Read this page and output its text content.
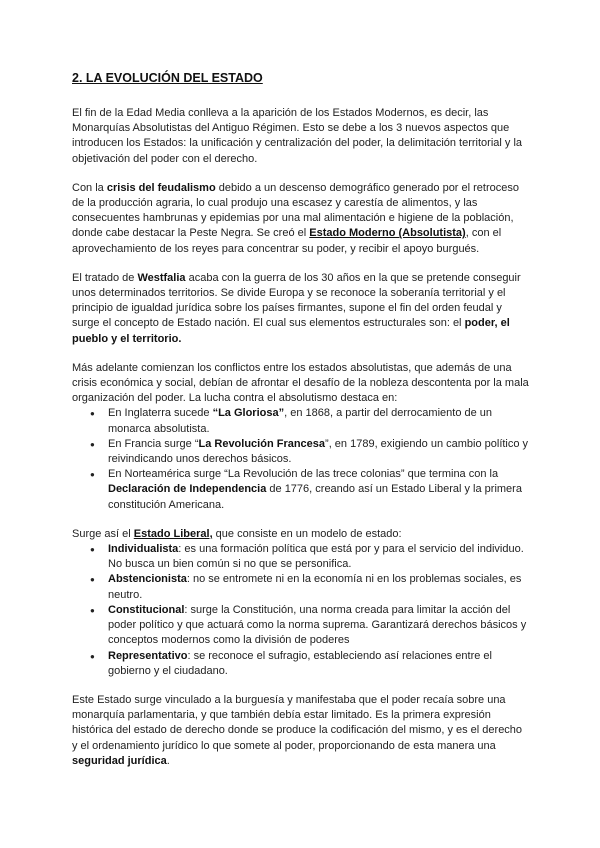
2. LA EVOLUCIÓN DEL ESTADO

El fin de la Edad Media conlleva a la aparición de los Estados Modernos, es decir, las Monarquías Absolutistas del Antiguo Régimen. Esto se debe a los 3 nuevos aspectos que introducen los Estados: la unificación y centralización del poder, la delimitación territorial y la objetivación del poder con el derecho.

Con la crisis del feudalismo debido a un descenso demográfico generado por el retroceso de la producción agraria, lo cual produjo una escasez y carestía de alimentos, y las consecuentes hambrunas y epidemias por una mal alimentación e higiene de la población, donde cabe destacar la Peste Negra. Se creó el Estado Moderno (Absolutista), con el aprovechamiento de los reyes para concentrar su poder, y recibir el apoyo burgués.

El tratado de Westfalia acaba con la guerra de los 30 años en la que se pretende conseguir unos determinados territorios. Se divide Europa y se reconoce la soberanía territorial y el principio de igualdad jurídica sobre los países firmantes, supone el fin del orden feudal y surge el concepto de Estado nación. El cual sus elementos estructurales son: el poder, el pueblo y el territorio.

Más adelante comienzan los conflictos entre los estados absolutistas, que además de una crisis económica y social, debían de afrontar el desafío de la nobleza descontenta por la mala organización del poder. La lucha contra el absolutismo destaca en:

● En Inglaterra sucede “La Gloriosa”, en 1868, a partir del derrocamiento de un monarca absolutista.
● En Francia surge “La Revolución Francesa”, en 1789, exigiendo un cambio político y reivindicando unos derechos básicos.
● En Norteamérica surge “La Revolución de las trece colonias” que termina con la Declaración de Independencia de 1776, creando así un Estado Liberal y la primera constitución Americana.

Surge así el Estado Liberal, que consiste en un modelo de estado:

● Individualista: es una formación política que está por y para el servicio del individuo. No busca un bien común si no que se personifica.
● Abstencionista: no se entromete ni en la economía ni en los problemas sociales, es neutro.
● Constitucional: surge la Constitución, una norma creada para limitar la acción del poder político y que actuará como la norma suprema. Garantizará derechos básicos y conceptos modernos como la división de poderes
● Representativo: se reconoce el sufragio, estableciendo así relaciones entre el gobierno y el ciudadano.

Este Estado surge vinculado a la burguesía y manifestaba que el poder recaía sobre una monarquía parlamentaria, y que también debía estar limitado. Es la primera expresión histórica del estado de derecho donde se produce la codificación del mismo, y es el derecho y el ordenamiento jurídico lo que somete al poder, proporcionando de esta manera una seguridad jurídica.
